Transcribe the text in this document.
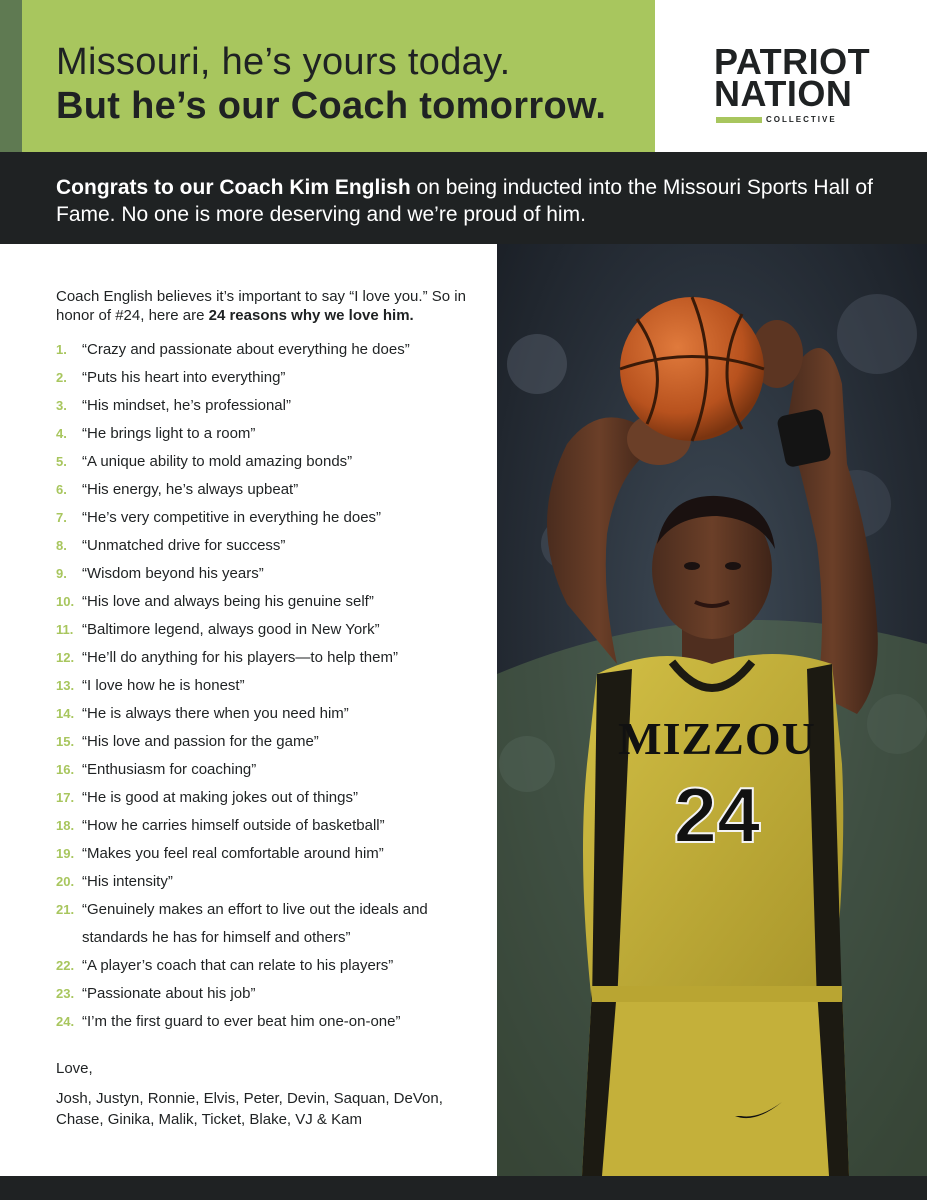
Missouri, he’s yours today.
But he’s our Coach tomorrow.
PATRIOT
NATION
COLLECTIVE

Congrats to our Coach Kim English on being inducted into the Missouri Sports Hall of Fame. No one is more deserving and we’re proud of him.

Coach English believes it’s important to say “I love you.” So in honor of #24, here are 24 reasons why we love him.

1.	“Crazy and passionate about everything he does”
2.	“Puts his heart into everything”
3.	“His mindset, he’s professional”
4.	“He brings light to a room”
5.	“A unique ability to mold amazing bonds”
6.	“His energy, he’s always upbeat”
7.	“He’s very competitive in everything he does”
8.	“Unmatched drive for success”
9.	“Wisdom beyond his years”
10. “His love and always being his genuine self”
11. “Baltimore legend, always good in New York”
12. “He’ll do anything for his players—to help them”
13. “I love how he is honest”
14. “He is always there when you need him”
15. “His love and passion for the game”
16. “Enthusiasm for coaching”
17. “He is good at making jokes out of things”
18. “How he carries himself outside of basketball”
19. “Makes you feel real comfortable around him”
20. “His intensity”
21. “Genuinely makes an effort to live out the ideals and standards he has for himself and others”
22. “A player’s coach that can relate to his players”
23. “Passionate about his job”
24. “I’m the first guard to ever beat him one-on-one”

Love,

Josh, Justyn, Ronnie, Elvis, Peter, Devin, Saquan, DeVon, Chase, Ginika, Malik, Ticket, Blake, VJ & Kam

MIZZOU
24
